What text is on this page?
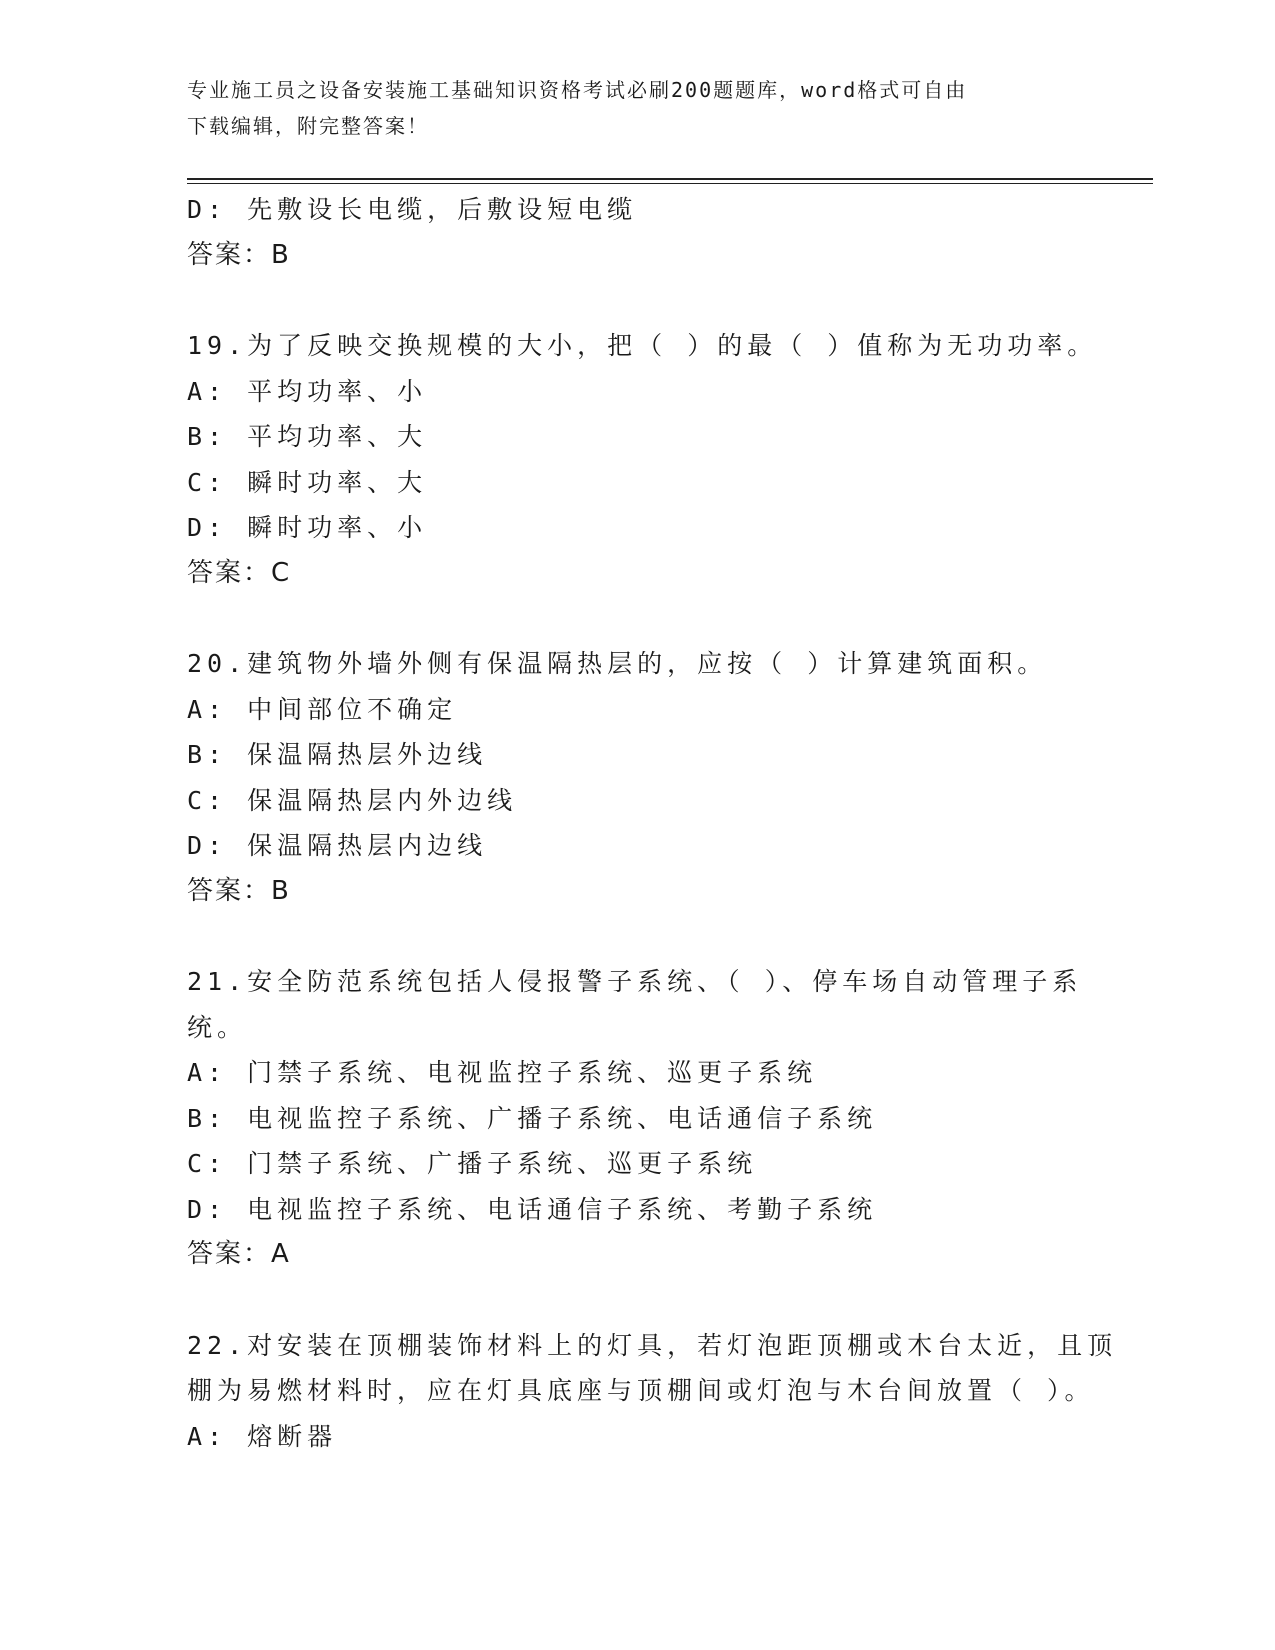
专业施工员之设备安装施工基础知识资格考试必刷200题题库，word格式可自由
下载编辑，附完整答案！
D: 先敷设长电缆，后敷设短电缆
答案：B
19.为了反映交换规模的大小，把（ ）的最（ ）值称为无功功率。
A: 平均功率、小
B: 平均功率、大
C: 瞬时功率、大
D: 瞬时功率、小
答案：C
20.建筑物外墙外侧有保温隔热层的，应按（ ）计算建筑面积。
A: 中间部位不确定
B: 保温隔热层外边线
C: 保温隔热层内外边线
D: 保温隔热层内边线
答案：B
21.安全防范系统包括人侵报警子系统、（ ）、停车场自动管理子系
统。
A: 门禁子系统、电视监控子系统、巡更子系统
B: 电视监控子系统、广播子系统、电话通信子系统
C: 门禁子系统、广播子系统、巡更子系统
D: 电视监控子系统、电话通信子系统、考勤子系统
答案：A
22.对安装在顶棚装饰材料上的灯具，若灯泡距顶棚或木台太近，且顶
棚为易燃材料时，应在灯具底座与顶棚间或灯泡与木台间放置（ ）。
A: 熔断器
